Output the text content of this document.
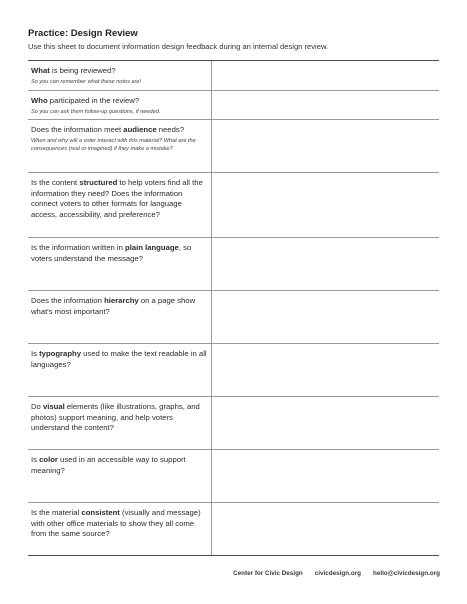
Practice: Design Review
Use this sheet to document information design feedback during an internal design review.
What is being reviewed?
So you can remember what these notes are!
Who participated in the review?
So you can ask them follow-up questions, if needed.
Does the information meet audience needs?
When and why will a voter interact with this material? What are the consequences (real or imagined) if they make a mistake?
Is the content structured to help voters find all the information they need? Does the information connect voters to other formats for language access, accessibility, and preference?
Is the information written in plain language, so voters understand the message?
Does the information hierarchy on a page show what's most important?
Is typography used to make the text readable in all languages?
Do visual elements (like illustrations, graphs, and photos) support meaning, and help voters understand the content?
Is color used in an accessible way to support meaning?
Is the material consistent (visually and message) with other office materials to show they all come from the same source?
Center for Civic Design civicdesign.org hello@civicdesign.org
